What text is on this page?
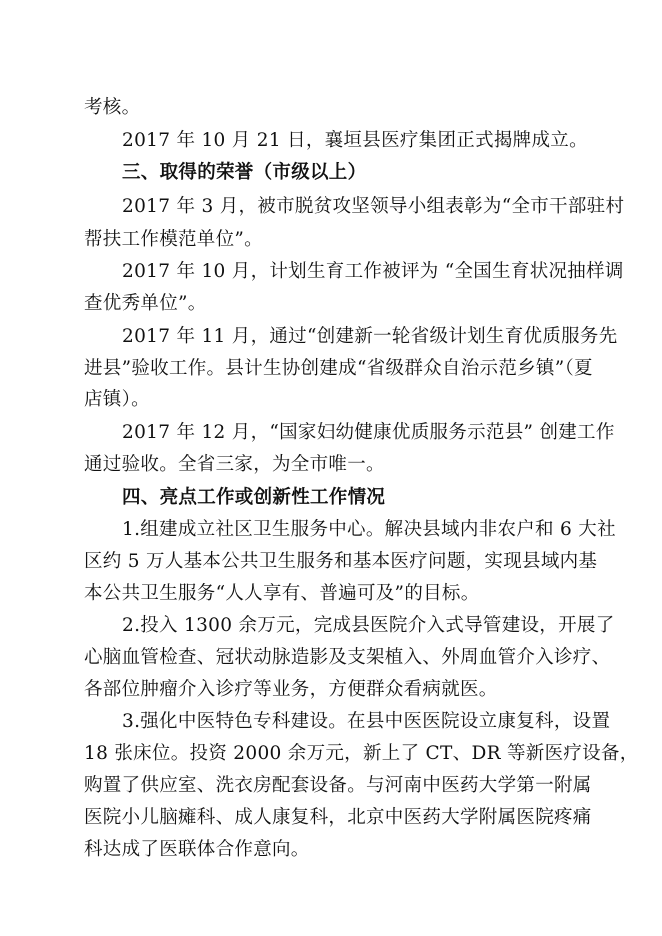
考核。
2017 年 10 月 21 日，襄垣县医疗集团正式揭牌成立。
三、取得的荣誉（市级以上）
2017 年 3 月，被市脱贫攻坚领导小组表彰为“全市干部驻村
帮扶工作模范单位”。
2017 年 10 月，计划生育工作被评为 “全国生育状况抽样调
查优秀单位”。
2017 年 11 月，通过“创建新一轮省级计划生育优质服务先
进县”验收工作。县计生协创建成“省级群众自治示范乡镇”（夏
店镇）。
2017 年 12 月，“国家妇幼健康优质服务示范县” 创建工作
通过验收。全省三家，为全市唯一。
四、亮点工作或创新性工作情况
1.组建成立社区卫生服务中心。解决县域内非农户和 6 大社
区约 5 万人基本公共卫生服务和基本医疗问题，实现县域内基
本公共卫生服务“人人享有、普遍可及”的目标。
2.投入 1300 余万元，完成县医院介入式导管建设，开展了
心脑血管检查、冠状动脉造影及支架植入、外周血管介入诊疗、
各部位肿瘤介入诊疗等业务，方便群众看病就医。
3.强化中医特色专科建设。在县中医医院设立康复科，设置
18 张床位。投资 2000 余万元，新上了 CT、DR 等新医疗设备，
购置了供应室、洗衣房配套设备。与河南中医药大学第一附属
医院小儿脑瘫科、成人康复科，北京中医药大学附属医院疼痛
科达成了医联体合作意向。
